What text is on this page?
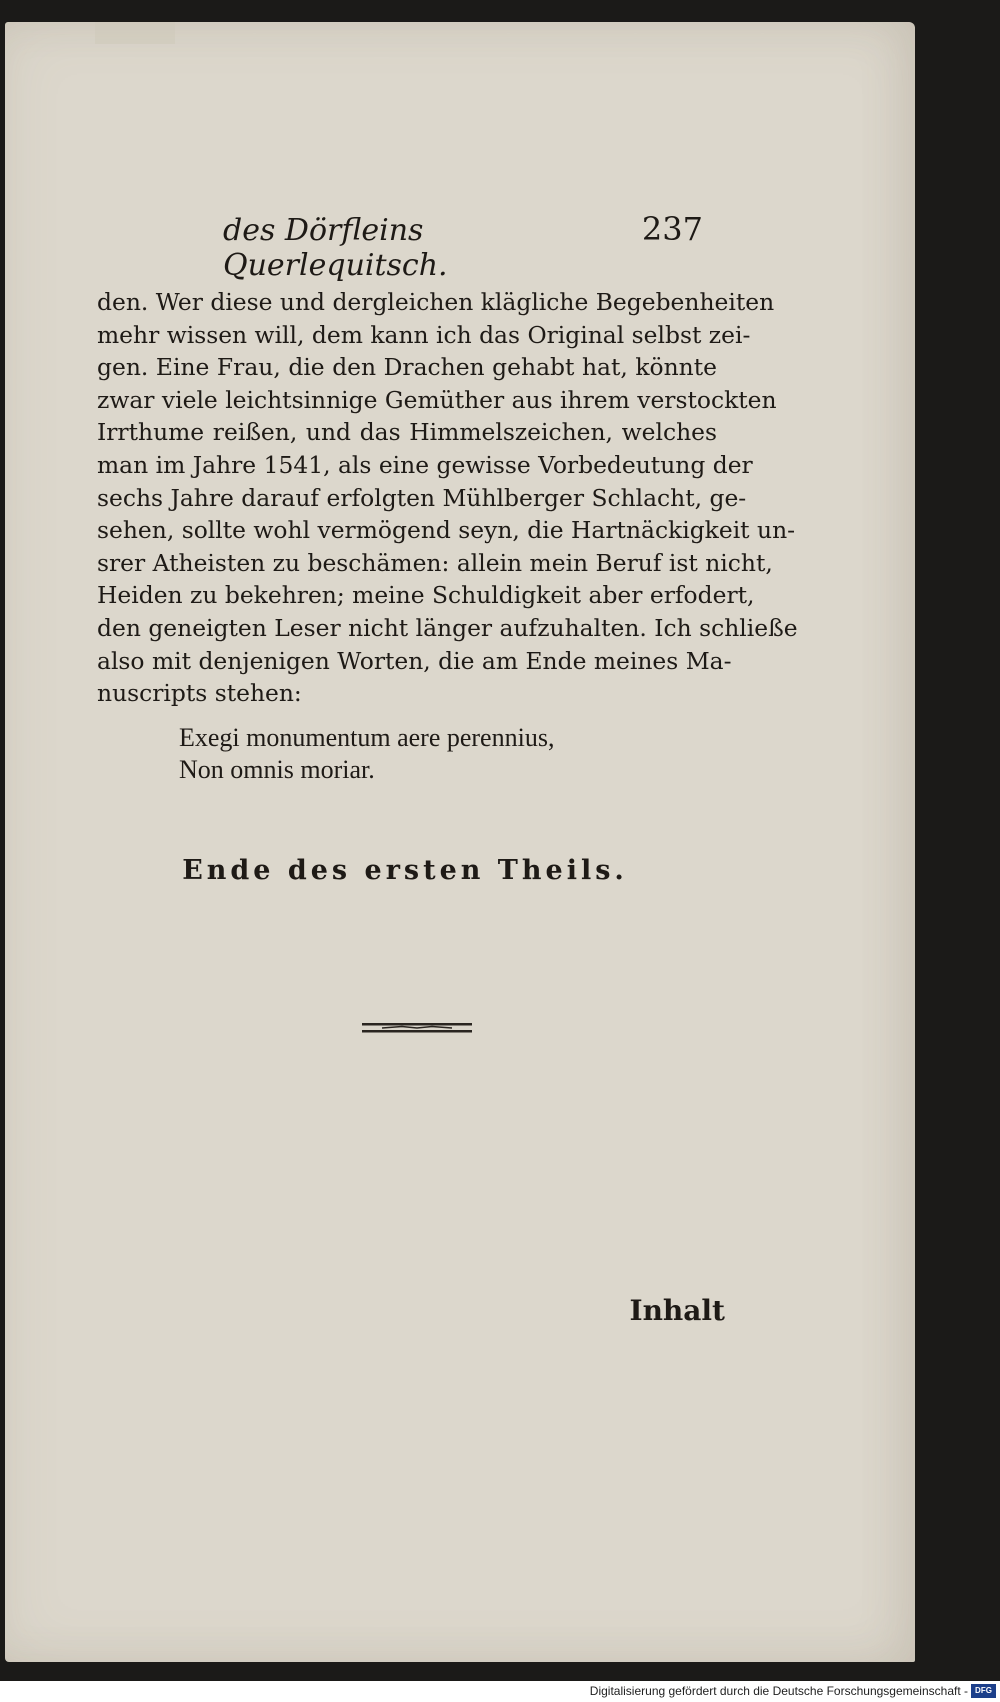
des Dörfleins Querlequitsch.
237
den. Wer diese und dergleichen klägliche Begebenheiten
mehr wissen will, dem kann ich das Original selbst zei-
gen. Eine Frau, die den Drachen gehabt hat, könnte
zwar viele leichtsinnige Gemüther aus ihrem verstockten
Irrthume reißen, und das Himmelszeichen, welches
man im Jahre 1541, als eine gewisse Vorbedeutung der
sechs Jahre darauf erfolgten Mühlberger Schlacht, ge-
sehen, sollte wohl vermögend seyn, die Hartnäckigkeit un-
srer Atheisten zu beschämen: allein mein Beruf ist nicht,
Heiden zu bekehren; meine Schuldigkeit aber erfodert,
den geneigten Leser nicht länger aufzuhalten. Ich schließe
also mit denjenigen Worten, die am Ende meines Ma-
nuscripts stehen:
Exegi monumentum aere perennius,
Non omnis moriar.
Ende des ersten Theils.
Inhalt
Digitalisierung gefördert durch die Deutsche Forschungsgemeinschaft - DFG
